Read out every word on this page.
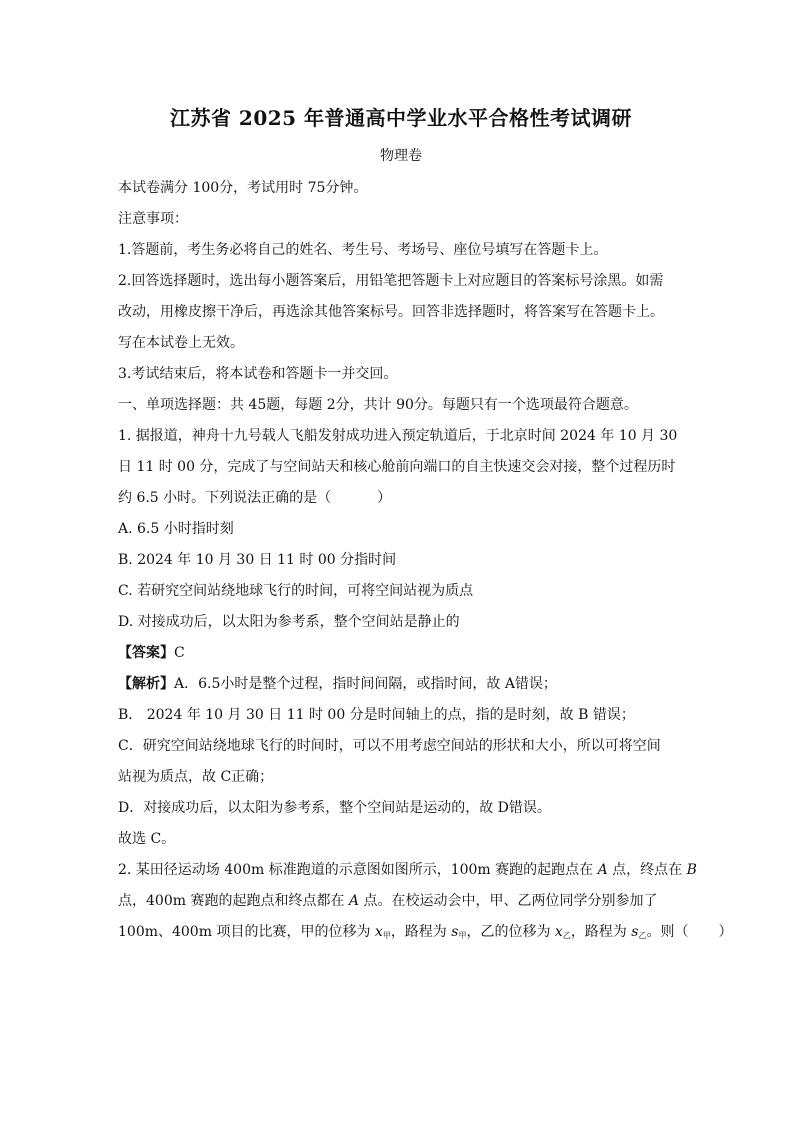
江苏省 2025 年普通高中学业水平合格性考试调研
物理卷
本试卷满分 100分，考试用时 75分钟。
注意事项：
1.答题前，考生务必将自己的姓名、考生号、考场号、座位号填写在答题卡上。
2.回答选择题时，选出每小题答案后，用铅笔把答题卡上对应题目的答案标号涂黑。如需
改动，用橡皮擦干净后，再选涂其他答案标号。回答非选择题时，将答案写在答题卡上。
写在本试卷上无效。
3.考试结束后，将本试卷和答题卡一并交回。
一、单项选择题：共 45题，每题 2分，共计 90分。每题只有一个选项最符合题意。
1. 据报道，神舟十九号载人飞船发射成功进入预定轨道后，于北京时间 2024 年 10 月 30
日 11 时 00 分，完成了与空间站天和核心舱前向端口的自主快速交会对接，整个过程历时
约 6.5 小时。下列说法正确的是（	）
A. 6.5 小时指时刻
B. 2024 年 10 月 30 日 11 时 00 分指时间
C. 若研究空间站绕地球飞行的时间，可将空间站视为质点
D. 对接成功后，以太阳为参考系，整个空间站是静止的
【答案】C
【解析】A．6.5小时是整个过程，指时间间隔，或指时间，故 A错误；
B． 2024 年 10 月 30 日 11 时 00 分是时间轴上的点，指的是时刻，故 B 错误；
C．研究空间站绕地球飞行的时间时，可以不用考虑空间站的形状和大小，所以可将空间
站视为质点，故 C正确；
D．对接成功后，以太阳为参考系，整个空间站是运动的，故 D错误。
故选 C。
2. 某田径运动场 400m 标准跑道的示意图如图所示，100m 赛跑的起跑点在 A 点，终点在 B
点，400m 赛跑的起跑点和终点都在 A 点。在校运动会中，甲、乙两位同学分别参加了
100m、400m 项目的比赛，甲的位移为 $x_甲$，路程为 $s_甲$，乙的位移为 $x_乙$，路程为 $s_乙$。则（ ）
